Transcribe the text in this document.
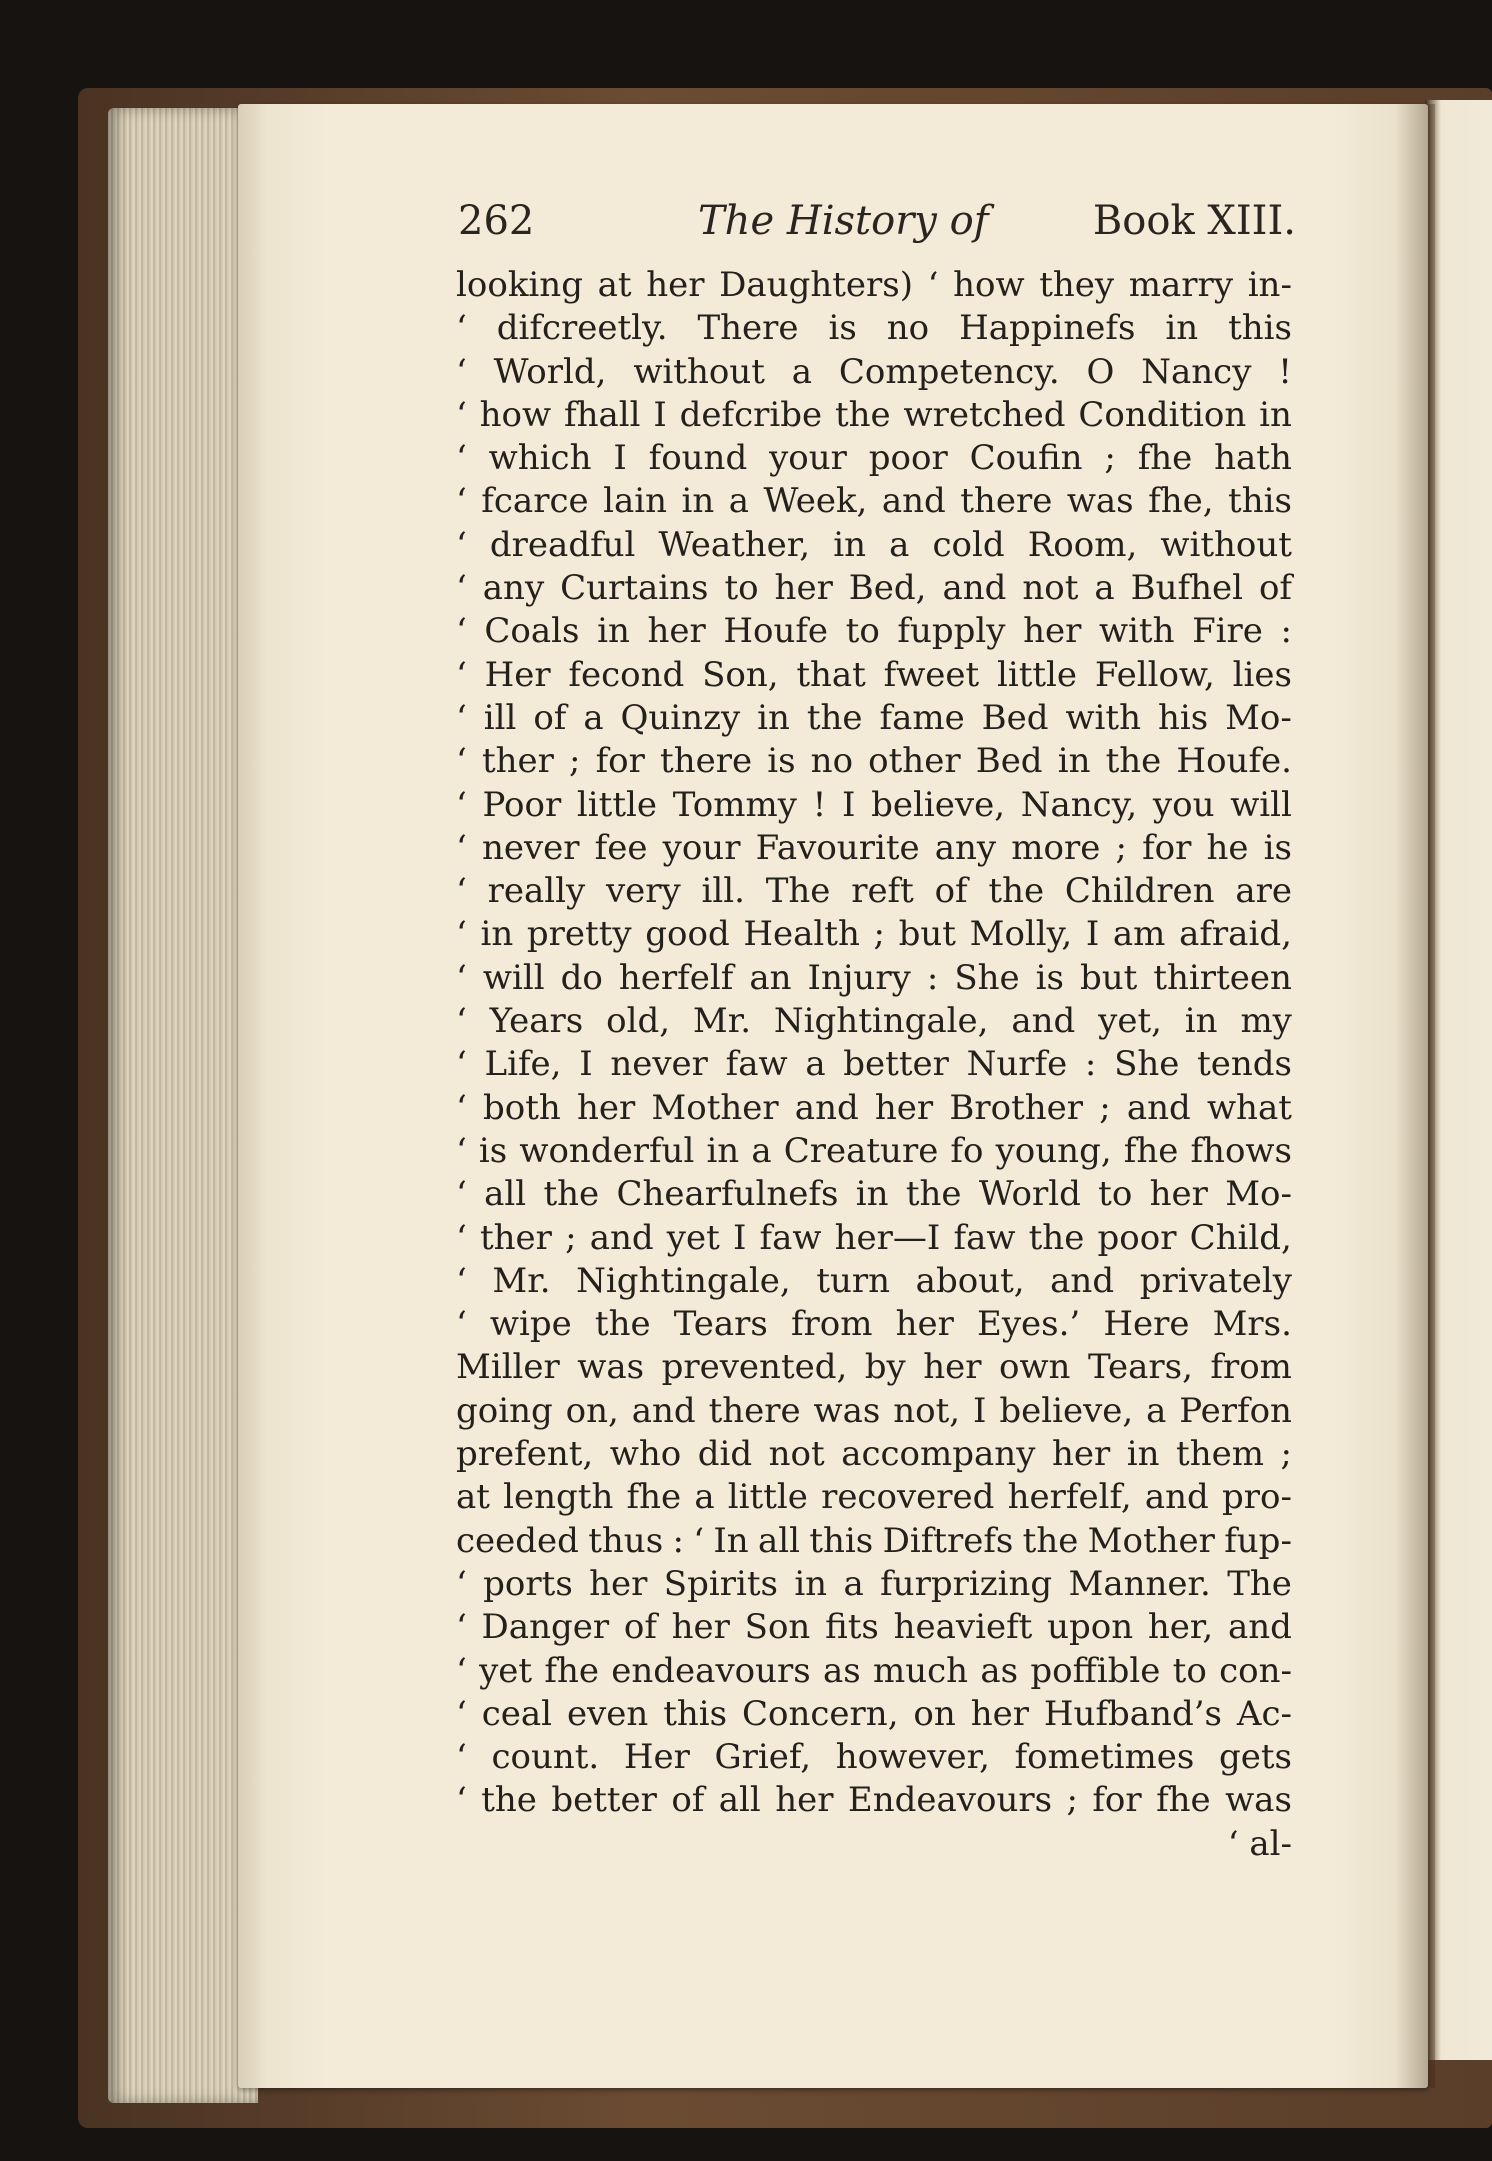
262	The History of	Book XIII.
looking at her Daughters) ‘ how they marry in-
‘ difcreetly. There is no Happinefs in this
‘ World, without a Competency. O Nancy !
‘ how fhall I defcribe the wretched Condition in
‘ which I found your poor Coufin ; fhe hath
‘ fcarce lain in a Week, and there was fhe, this
‘ dreadful Weather, in a cold Room, without
‘ any Curtains to her Bed, and not a Bufhel of
‘ Coals in her Houfe to fupply her with Fire :
‘ Her fecond Son, that fweet little Fellow, lies
‘ ill of a Quinzy in the fame Bed with his Mo-
‘ ther ; for there is no other Bed in the Houfe.
‘ Poor little Tommy ! I believe, Nancy, you will
‘ never fee your Favourite any more ; for he is
‘ really very ill. The reft of the Children are
‘ in pretty good Health ; but Molly, I am afraid,
‘ will do herfelf an Injury : She is but thirteen
‘ Years old, Mr. Nightingale, and yet, in my
‘ Life, I never faw a better Nurfe : She tends
‘ both her Mother and her Brother ; and what
‘ is wonderful in a Creature fo young, fhe fhows
‘ all the Chearfulnefs in the World to her Mo-
‘ ther ; and yet I faw her—I faw the poor Child,
‘ Mr. Nightingale, turn about, and privately
‘ wipe the Tears from her Eyes.’ Here Mrs.
Miller was prevented, by her own Tears, from
going on, and there was not, I believe, a Perfon
prefent, who did not accompany her in them ;
at length fhe a little recovered herfelf, and pro-
ceeded thus : ‘ In all this Diftrefs the Mother fup-
‘ ports her Spirits in a furprizing Manner. The
‘ Danger of her Son fits heavieft upon her, and
‘ yet fhe endeavours as much as poffible to con-
‘ ceal even this Concern, on her Hufband’s Ac-
‘ count. Her Grief, however, fometimes gets
‘ the better of all her Endeavours ; for fhe was
‘ al-
